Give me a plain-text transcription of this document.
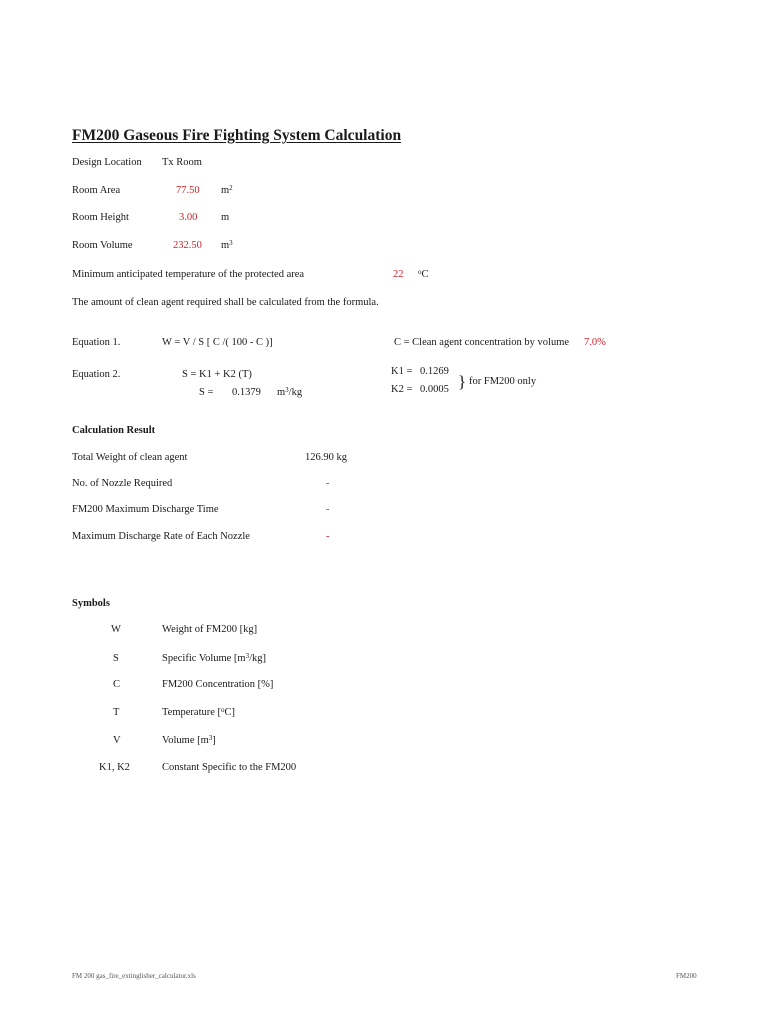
FM200 Gaseous Fire Fighting System Calculation
Design Location Tx Room
Room Area	77.50 $m^2$
Room Height	3.00 m
Room Volume	232.50 $m^3$
Minimum anticipated temperature of the protected area	22 $^o$C
The amount of clean agent required shall be calculated from the formula.
Equation 1.	W = V / S [ C /( 100 - C )]	C = Clean agent concentration by volume 7.0%
Equation 2.	S = K1 + K2 (T)
S = 0.1379 $m^3/kg$
K1 = 0.1269
K2 = 0.0005 } for FM200 only
Calculation Result
Total Weight of clean agent	126.90 kg
No. of Nozzle Required	-
FM200 Maximum Discharge Time	-
Maximum Discharge Rate of Each Nozzle	-
Symbols
W	Weight of FM200 [kg]
S	Specific Volume $[m^3/kg]$
C	FM200 Concentration [%]
T	Temperature [$^o$C]
V	Volume $[m^3]$
K1, K2	Constant Specific to the FM200
FM 200 gas_fire_extinglisher_calculator.xls	FM200
